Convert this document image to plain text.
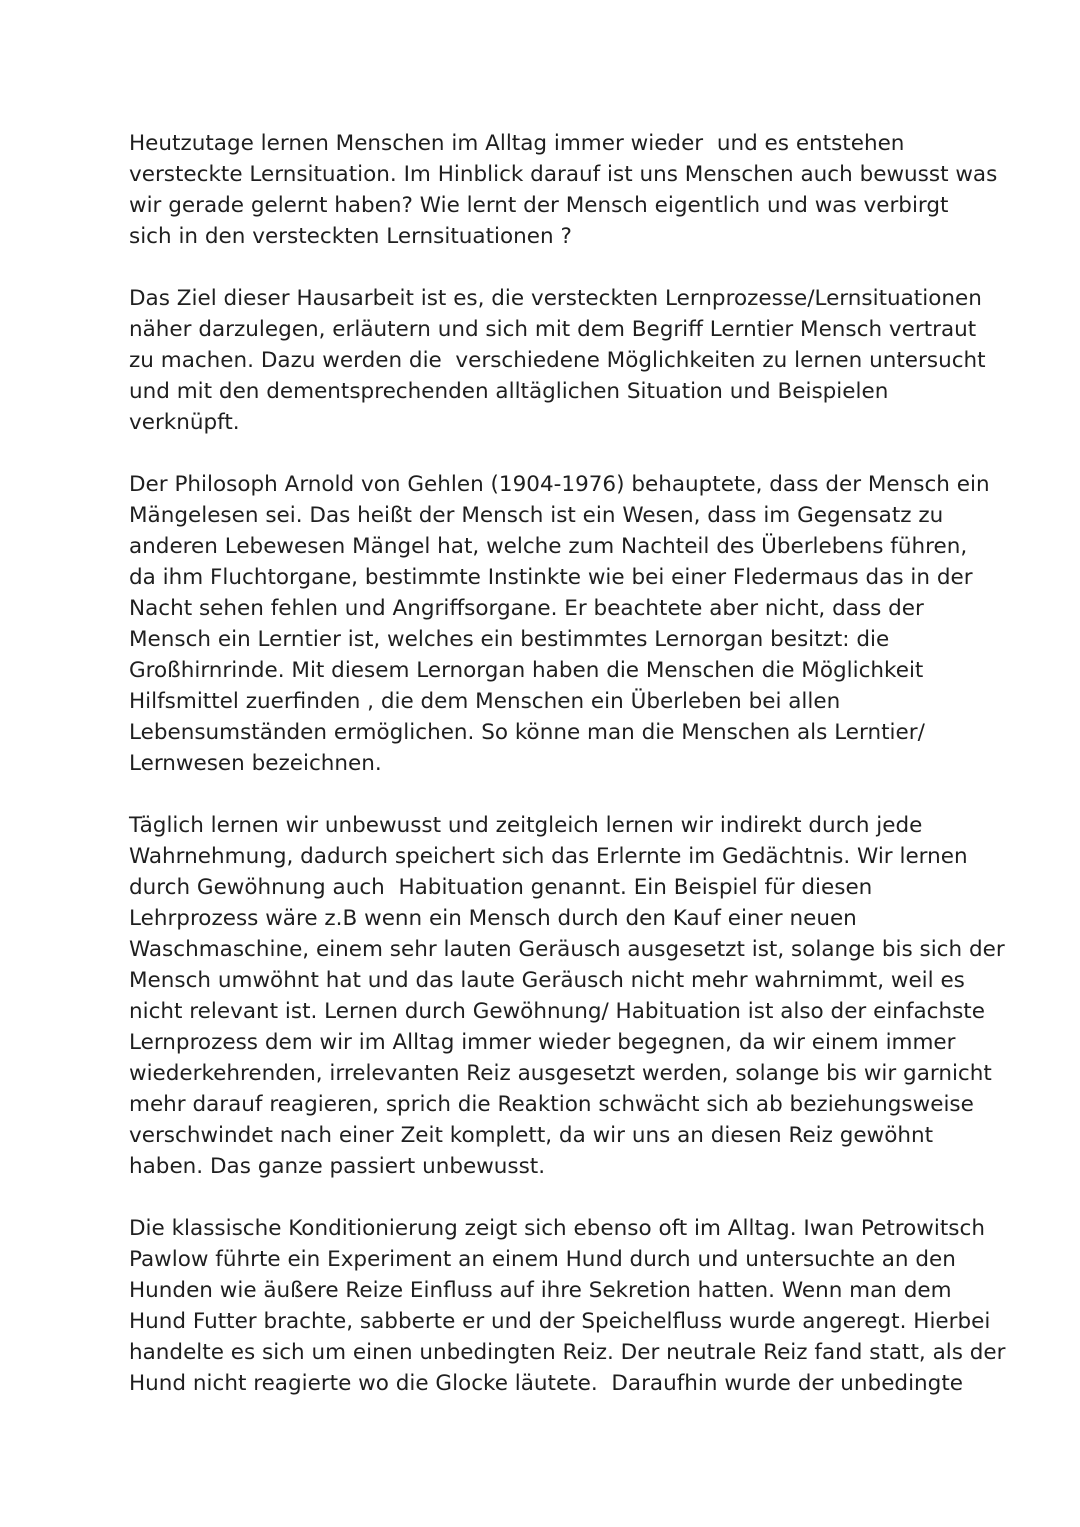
Heutzutage lernen Menschen im Alltag immer wieder  und es entstehen
versteckte Lernsituation. Im Hinblick darauf ist uns Menschen auch bewusst was
wir gerade gelernt haben? Wie lernt der Mensch eigentlich und was verbirgt
sich in den versteckten Lernsituationen ?

Das Ziel dieser Hausarbeit ist es, die versteckten Lernprozesse/Lernsituationen
näher darzulegen, erläutern und sich mit dem Begriff Lerntier Mensch vertraut
zu machen. Dazu werden die  verschiedene Möglichkeiten zu lernen untersucht
und mit den dementsprechenden alltäglichen Situation und Beispielen
verknüpft.

Der Philosoph Arnold von Gehlen (1904-1976) behauptete, dass der Mensch ein
Mängelesen sei. Das heißt der Mensch ist ein Wesen, dass im Gegensatz zu
anderen Lebewesen Mängel hat, welche zum Nachteil des Überlebens führen,
da ihm Fluchtorgane, bestimmte Instinkte wie bei einer Fledermaus das in der
Nacht sehen fehlen und Angriffsorgane. Er beachtete aber nicht, dass der
Mensch ein Lerntier ist, welches ein bestimmtes Lernorgan besitzt: die
Großhirnrinde. Mit diesem Lernorgan haben die Menschen die Möglichkeit
Hilfsmittel zuerfinden , die dem Menschen ein Überleben bei allen
Lebensumständen ermöglichen. So könne man die Menschen als Lerntier/
Lernwesen bezeichnen.

Täglich lernen wir unbewusst und zeitgleich lernen wir indirekt durch jede
Wahrnehmung, dadurch speichert sich das Erlernte im Gedächtnis. Wir lernen
durch Gewöhnung auch  Habituation genannt. Ein Beispiel für diesen
Lehrprozess wäre z.B wenn ein Mensch durch den Kauf einer neuen
Waschmaschine, einem sehr lauten Geräusch ausgesetzt ist, solange bis sich der
Mensch umwöhnt hat und das laute Geräusch nicht mehr wahrnimmt, weil es
nicht relevant ist. Lernen durch Gewöhnung/ Habituation ist also der einfachste
Lernprozess dem wir im Alltag immer wieder begegnen, da wir einem immer
wiederkehrenden, irrelevanten Reiz ausgesetzt werden, solange bis wir garnicht
mehr darauf reagieren, sprich die Reaktion schwächt sich ab beziehungsweise
verschwindet nach einer Zeit komplett, da wir uns an diesen Reiz gewöhnt
haben. Das ganze passiert unbewusst.

Die klassische Konditionierung zeigt sich ebenso oft im Alltag. Iwan Petrowitsch
Pawlow führte ein Experiment an einem Hund durch und untersuchte an den
Hunden wie äußere Reize Einfluss auf ihre Sekretion hatten. Wenn man dem
Hund Futter brachte, sabberte er und der Speichelfluss wurde angeregt. Hierbei
handelte es sich um einen unbedingten Reiz. Der neutrale Reiz fand statt, als der
Hund nicht reagierte wo die Glocke läutete.  Daraufhin wurde der unbedingte
